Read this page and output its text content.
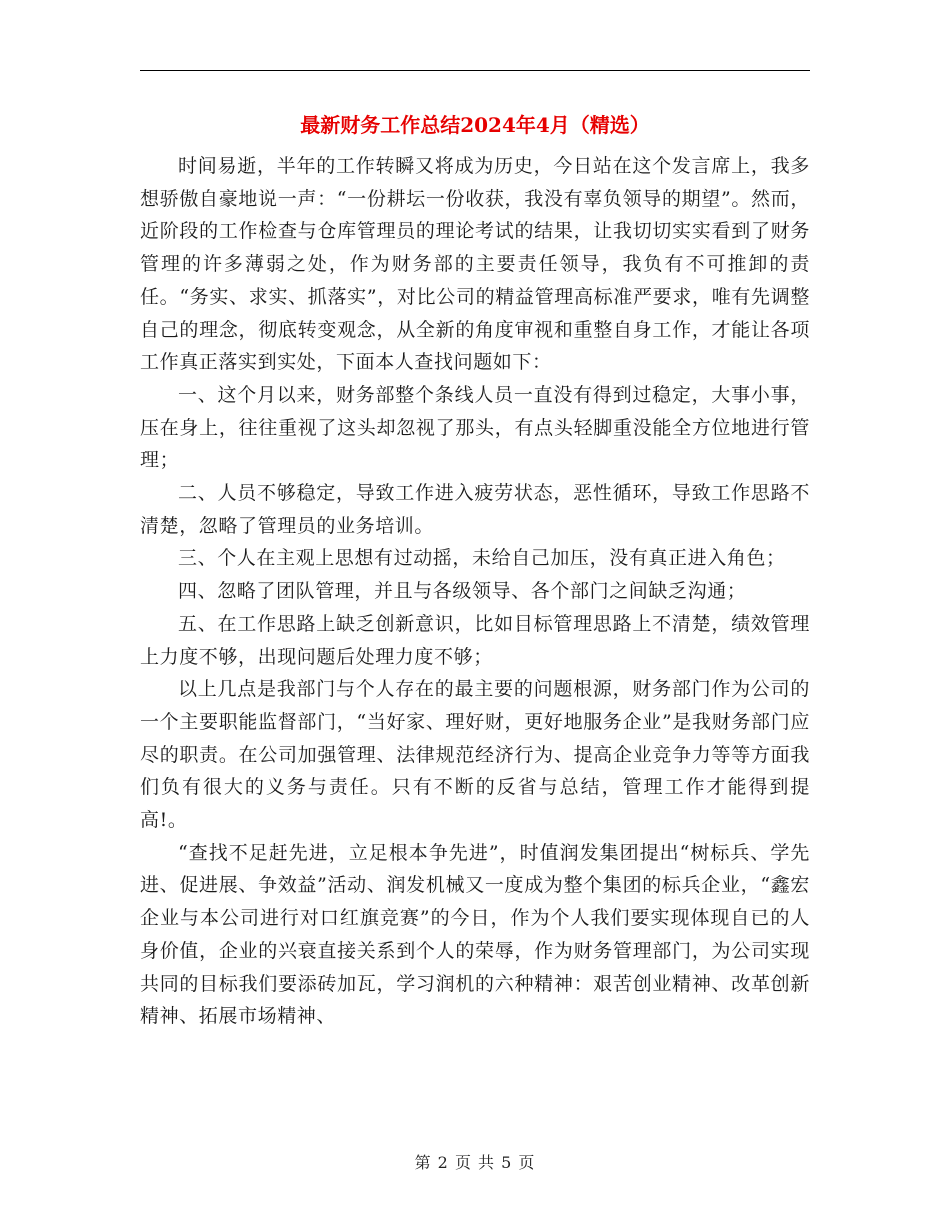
最新财务工作总结2024年4月（精选）

时间易逝，半年的工作转瞬又将成为历史，今日站在这个发言席上，我多想骄傲自豪地说一声：“一份耕坛一份收获，我没有辜负领导的期望”。然而，近阶段的工作检查与仓库管理员的理论考试的结果，让我切切实实看到了财务管理的许多薄弱之处，作为财务部的主要责任领导，我负有不可推卸的责任。“务实、求实、抓落实”，对比公司的精益管理高标准严要求，唯有先调整自己的理念，彻底转变观念，从全新的角度审视和重整自身工作，才能让各项工作真正落实到实处，下面本人查找问题如下：

一、这个月以来，财务部整个条线人员一直没有得到过稳定，大事小事，压在身上，往往重视了这头却忽视了那头，有点头轻脚重没能全方位地进行管理；

二、人员不够稳定，导致工作进入疲劳状态，恶性循环，导致工作思路不清楚，忽略了管理员的业务培训。

三、个人在主观上思想有过动摇，未给自己加压，没有真正进入角色；

四、忽略了团队管理，并且与各级领导、各个部门之间缺乏沟通；

五、在工作思路上缺乏创新意识，比如目标管理思路上不清楚，绩效管理上力度不够，出现问题后处理力度不够；

以上几点是我部门与个人存在的最主要的问题根源，财务部门作为公司的一个主要职能监督部门，“当好家、理好财，更好地服务企业”是我财务部门应尽的职责。在公司加强管理、法律规范经济行为、提高企业竞争力等等方面我们负有很大的义务与责任。只有不断的反省与总结，管理工作才能得到提高!。

“查找不足赶先进，立足根本争先进”，时值润发集团提出“树标兵、学先进、促进展、争效益”活动、润发机械又一度成为整个集团的标兵企业，“鑫宏企业与本公司进行对口红旗竞赛”的今日，作为个人我们要实现体现自已的人身价值，企业的兴衰直接关系到个人的荣辱，作为财务管理部门，为公司实现共同的目标我们要添砖加瓦，学习润机的六种精神：艰苦创业精神、改革创新精神、拓展市场精神、

第 2 页 共 5 页
